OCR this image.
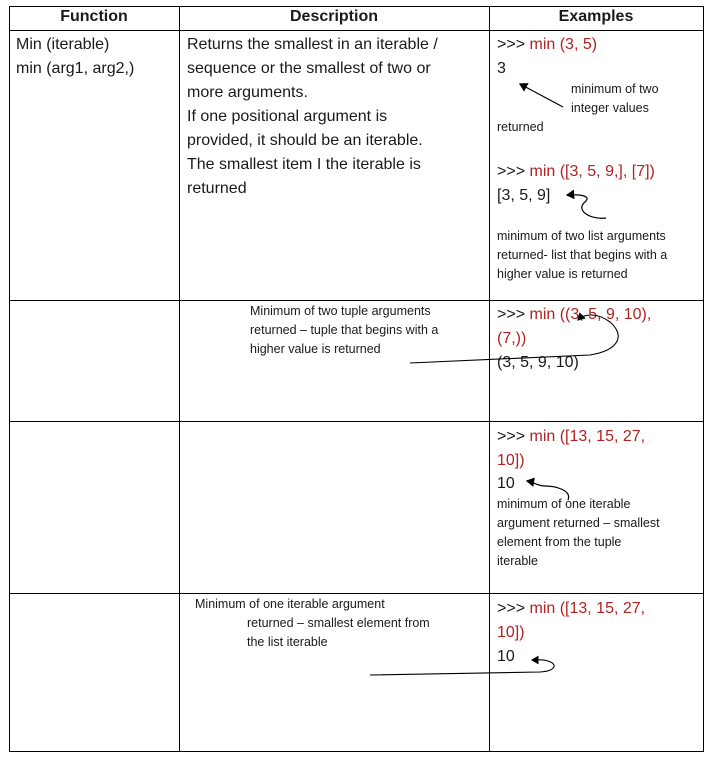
Function	Description	Examples
Min (iterable)
min (arg1, arg2,)
Returns the smallest in an iterable /
sequence or the smallest of two or
more arguments.
If one positional argument is
provided, it should be an iterable.
The smallest item I the iterable is
returned
>>> min (3, 5)
3
minimum of two
integer values
returned
>>> min ([3, 5, 9,], [7])
[3, 5, 9]
minimum of two list arguments
returned- list that begins with a
higher value is returned
Minimum of two tuple arguments
returned – tuple that begins with a
higher value is returned
>>> min ((3, 5, 9, 10),
(7,))
(3, 5, 9, 10)
>>> min ([13, 15, 27,
10])
10
minimum of one iterable
argument returned – smallest
element from the tuple
iterable
Minimum of one iterable argument
returned – smallest element from
the list iterable
>>> min ([13, 15, 27,
10])
10
